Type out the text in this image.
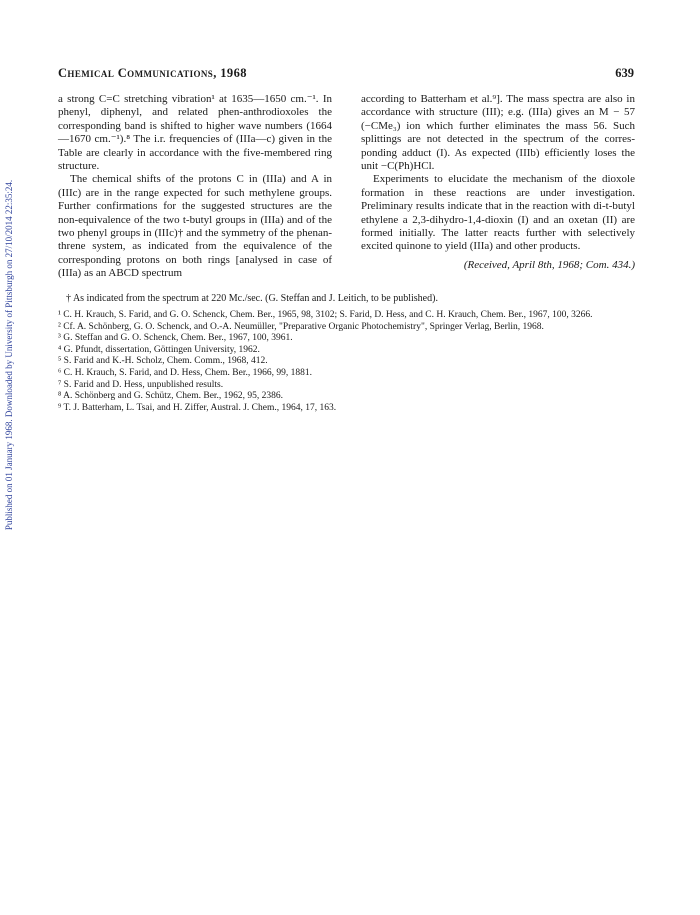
Published on 01 January 1968. Downloaded by University of Pittsburgh on 27/10/2014 22:35:24.
Chemical Communications, 1968	639

a strong C=C stretching vibration¹ at 1635—1650 cm.⁻¹. In phenyl, diphenyl, and related phen-anthrodioxoles the corresponding band is shifted to higher wave numbers (1664—1670 cm.⁻¹).⁸ The i.r. frequencies of (IIIa—c) given in the Table are clearly in accordance with the five-membered ring structure.

The chemical shifts of the protons C in (IIIa) and A in (IIIc) are in the range expected for such methylene groups. Further confirmations for the suggested structures are the non-equivalence of the two t-butyl groups in (IIIa) and of the two phenyl groups in (IIIc)† and the symmetry of the phenan-threne system, as indicated from the equivalence of the corresponding protons on both rings [analysed in case of (IIIa) as an ABCD spectrum

according to Batterham et al.⁹]. The mass spectra are also in accordance with structure (III); e.g. (IIIa) gives an M − 57 (−CMe₃) ion which further eliminates the mass 56. Such splittings are not detected in the spectrum of the corres-ponding adduct (I). As expected (IIIb) efficiently loses the unit −C(Ph)HCl.

Experiments to elucidate the mechanism of the dioxole formation in these reactions are under investigation. Preliminary results indicate that in the reaction with di-t-butyl ethylene a 2,3-dihydro-1,4-dioxin (I) and an oxetan (II) are formed initially. The latter reacts further with selectively excited quinone to yield (IIIa) and other products.

(Received, April 8th, 1968; Com. 434.)
† As indicated from the spectrum at 220 Mc./sec. (G. Steffan and J. Leitich, to be published).

¹ C. H. Krauch, S. Farid, and G. O. Schenck, Chem. Ber., 1965, 98, 3102; S. Farid, D. Hess, and C. H. Krauch, Chem. Ber., 1967, 100, 3266.

² Cf. A. Schönberg, G. O. Schenck, and O.-A. Neumüller, "Preparative Organic Photochemistry", Springer Verlag, Berlin, 1968.

³ G. Steffan and G. O. Schenck, Chem. Ber., 1967, 100, 3961.

⁴ G. Pfundt, dissertation, Göttingen University, 1962.

⁵ S. Farid and K.-H. Scholz, Chem. Comm., 1968, 412.

⁶ C. H. Krauch, S. Farid, and D. Hess, Chem. Ber., 1966, 99, 1881.

⁷ S. Farid and D. Hess, unpublished results.

⁸ A. Schönberg and G. Schütz, Chem. Ber., 1962, 95, 2386.

⁹ T. J. Batterham, L. Tsai, and H. Ziffer, Austral. J. Chem., 1964, 17, 163.
